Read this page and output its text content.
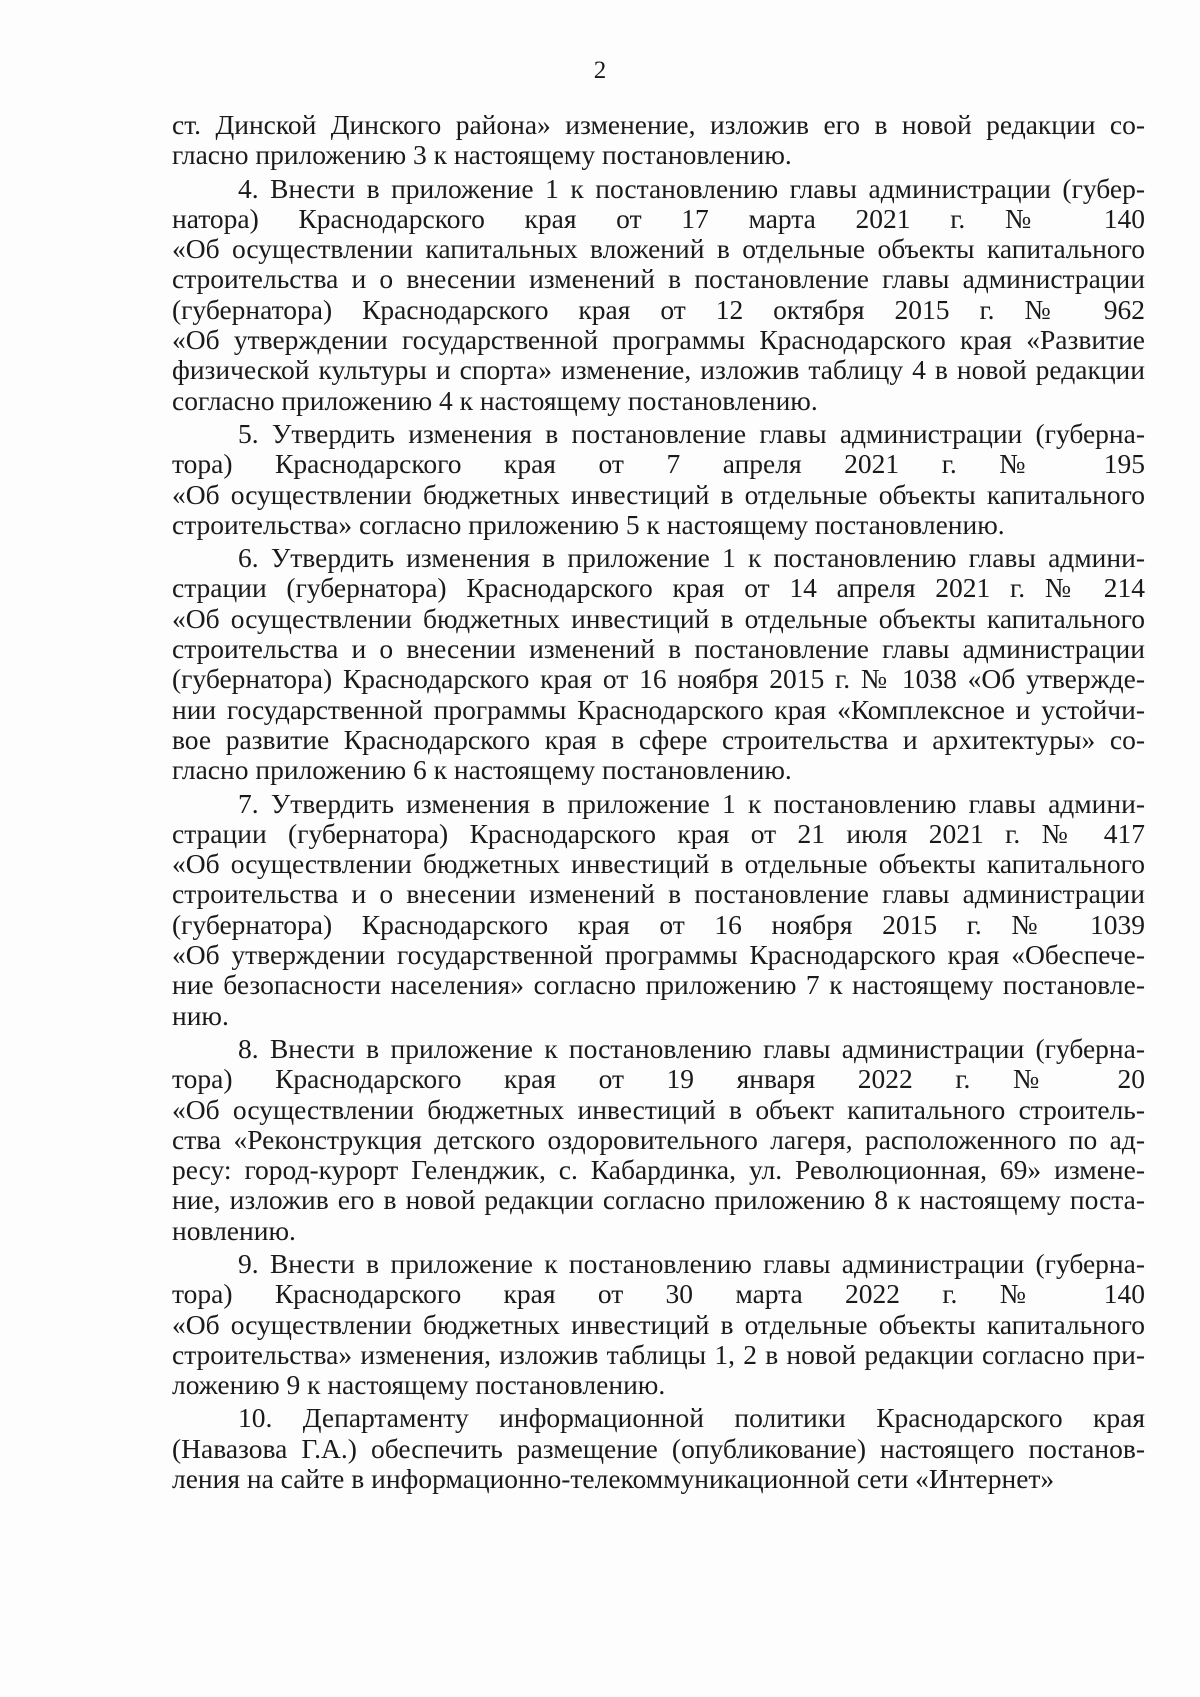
2
ст. Динской Динского района» изменение, изложив его в новой редакции со-
гласно приложению 3 к настоящему постановлению.
4. Внести в приложение 1 к постановлению главы администрации (губер-
натора) Краснодарского края от 17 марта 2021 г. № 140
«Об осуществлении капитальных вложений в отдельные объекты капитального
строительства и о внесении изменений в постановление главы администрации
(губернатора) Краснодарского края от 12 октября 2015 г. № 962
«Об утверждении государственной программы Краснодарского края «Развитие
физической культуры и спорта» изменение, изложив таблицу 4 в новой редакции
согласно приложению 4 к настоящему постановлению.
5. Утвердить изменения в постановление главы администрации (губерна-
тора) Краснодарского края от 7 апреля 2021 г. № 195
«Об осуществлении бюджетных инвестиций в отдельные объекты капитального
строительства» согласно приложению 5 к настоящему постановлению.
6. Утвердить изменения в приложение 1 к постановлению главы админи-
страции (губернатора) Краснодарского края от 14 апреля 2021 г. № 214
«Об осуществлении бюджетных инвестиций в отдельные объекты капитального
строительства и о внесении изменений в постановление главы администрации
(губернатора) Краснодарского края от 16 ноября 2015 г. № 1038 «Об утвержде-
нии государственной программы Краснодарского края «Комплексное и устойчи-
вое развитие Краснодарского края в сфере строительства и архитектуры» со-
гласно приложению 6 к настоящему постановлению.
7. Утвердить изменения в приложение 1 к постановлению главы админи-
страции (губернатора) Краснодарского края от 21 июля 2021 г. № 417
«Об осуществлении бюджетных инвестиций в отдельные объекты капитального
строительства и о внесении изменений в постановление главы администрации
(губернатора) Краснодарского края от 16 ноября 2015 г. № 1039
«Об утверждении государственной программы Краснодарского края «Обеспече-
ние безопасности населения» согласно приложению 7 к настоящему постановле-
нию.
8. Внести в приложение к постановлению главы администрации (губерна-
тора) Краснодарского края от 19 января 2022 г. № 20
«Об осуществлении бюджетных инвестиций в объект капитального строитель-
ства «Реконструкция детского оздоровительного лагеря, расположенного по ад-
ресу: город-курорт Геленджик, с. Кабардинка, ул. Революционная, 69» измене-
ние, изложив его в новой редакции согласно приложению 8 к настоящему поста-
новлению.
9. Внести в приложение к постановлению главы администрации (губерна-
тора) Краснодарского края от 30 марта 2022 г. № 140
«Об осуществлении бюджетных инвестиций в отдельные объекты капитального
строительства» изменения, изложив таблицы 1, 2 в новой редакции согласно при-
ложению 9 к настоящему постановлению.
10. Департаменту информационной политики Краснодарского края
(Навазова Г.А.) обеспечить размещение (опубликование) настоящего постанов-
ления на сайте в информационно-телекоммуникационной сети «Интернет»
